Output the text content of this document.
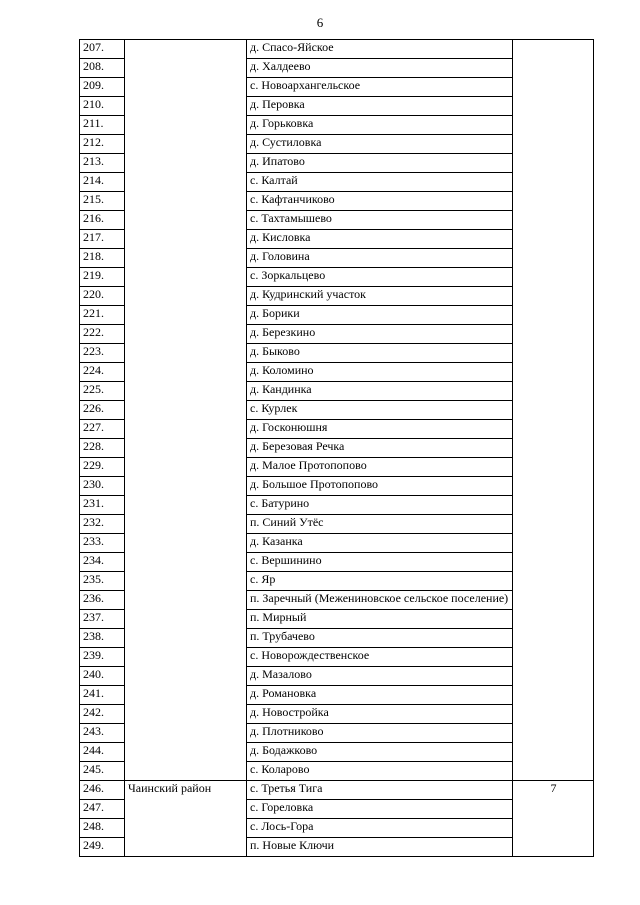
6
207.		д. Спасо-Яйское	
208.		д. Халдеево	
209.		с. Новоархангельское	
210.		д. Перовка	
211.		д. Горьковка	
212.		д. Сустиловка	
213.		д. Ипатово	
214.		с. Калтай	
215.		с. Кафтанчиково	
216.		с. Тахтамышево	
217.		д. Кисловка	
218.		д. Головина	
219.		с. Зоркальцево	
220.		д. Кудринский участок	
221.		д. Борики	
222.		д. Березкино	
223.		д. Быково	
224.		д. Коломино	
225.		д. Кандинка	
226.		с. Курлек	
227.		д. Госконюшня	
228.		д. Березовая Речка	
229.		д. Малое Протопопово	
230.		д. Большое Протопопово	
231.		с. Батурино	
232.		п. Синий Утёс	
233.		д. Казанка	
234.		с. Вершинино	
235.		с. Яр	
236.		п. Заречный (Межениновское сельское поселение)	
237.		п. Мирный	
238.		п. Трубачево	
239.		с. Новорождественское	
240.		д. Мазалово	
241.		д. Романовка	
242.		д. Новостройка	
243.		д. Плотниково	
244.		д. Бодажково	
245.		с. Коларово	
246.	Чаинский район	с. Третья Тига	7
247.		с. Гореловка	
248.		с. Лось-Гора	
249.		п. Новые Ключи	
